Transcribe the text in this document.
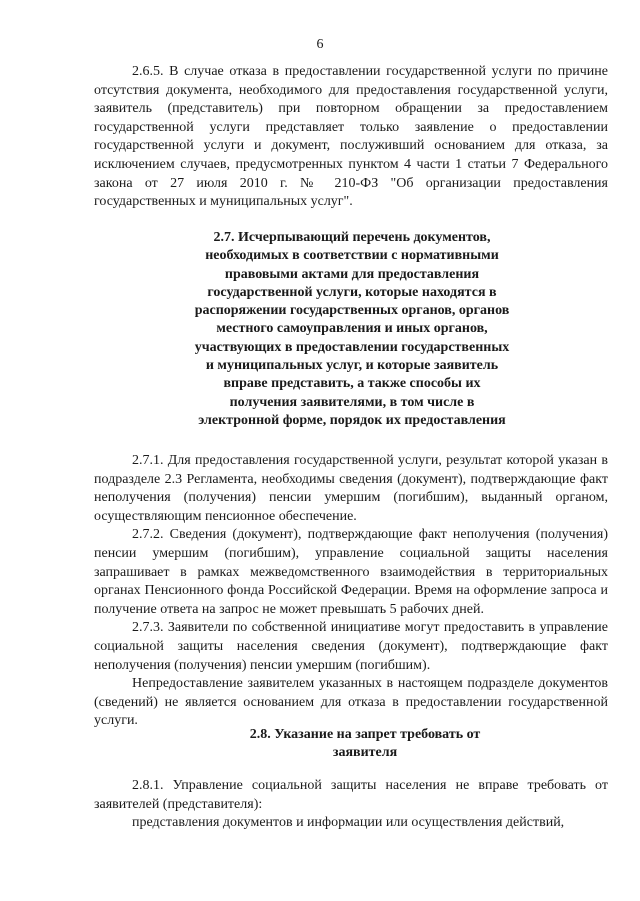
6

2.6.5. В случае отказа в предоставлении государственной услуги по причине отсутствия документа, необходимого для предоставления государственной услуги, заявитель (представитель) при повторном обращении за предоставлением государственной услуги представляет только заявление о предоставлении государственной услуги и документ, послуживший основанием для отказа, за исключением случаев, предусмотренных пунктом 4 части 1 статьи 7 Федерального закона от 27 июля 2010 г. № 210-ФЗ "Об организации предоставления государственных и муниципальных услуг".

2.7. Исчерпывающий перечень документов, необходимых в соответствии с нормативными правовыми актами для предоставления государственной услуги, которые находятся в распоряжении государственных органов, органов местного самоуправления и иных органов, участвующих в предоставлении государственных и муниципальных услуг, и которые заявитель вправе представить, а также способы их получения заявителями, в том числе в электронной форме, порядок их предоставления

2.7.1. Для предоставления государственной услуги, результат которой указан в подразделе 2.3 Регламента, необходимы сведения (документ), подтверждающие факт неполучения (получения) пенсии умершим (погибшим), выданный органом, осуществляющим пенсионное обеспечение.

2.7.2. Сведения (документ), подтверждающие факт неполучения (получения) пенсии умершим (погибшим), управление социальной защиты населения запрашивает в рамках межведомственного взаимодействия в территориальных органах Пенсионного фонда Российской Федерации. Время на оформление запроса и получение ответа на запрос не может превышать 5 рабочих дней.

2.7.3. Заявители по собственной инициативе могут предоставить в управление социальной защиты населения сведения (документ), подтверждающие факт неполучения (получения) пенсии умершим (погибшим).

Непредоставление заявителем указанных в настоящем подразделе документов (сведений) не является основанием для отказа в предоставлении государственной услуги.

2.8. Указание на запрет требовать от заявителя

2.8.1. Управление социальной защиты населения не вправе требовать от заявителей (представителя):

представления документов и информации или осуществления действий,
